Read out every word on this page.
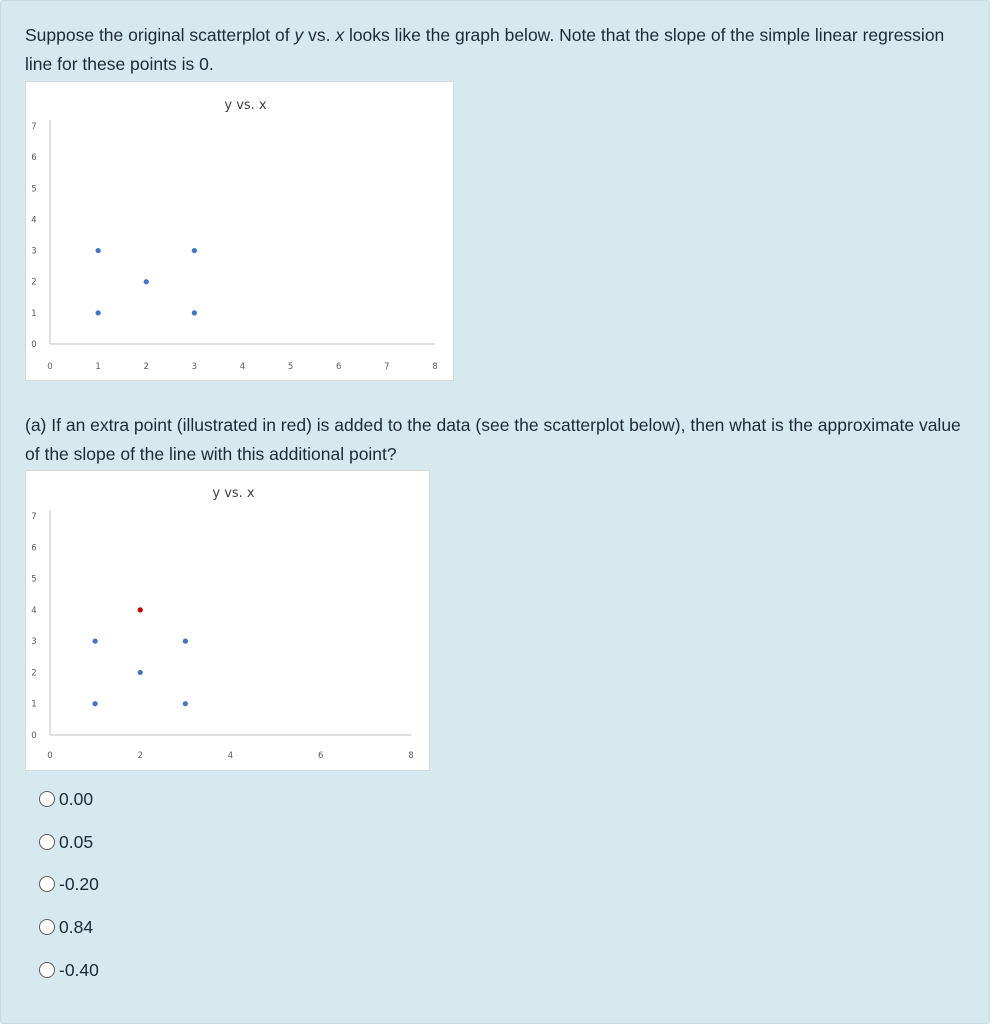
Suppose the original scatterplot of y vs. x looks like the graph below. Note that the slope of the simple linear regression line for these points is 0.

y vs. x
0
1
2
3
4
5
6
7
0	1	2	3	4	5	6	7	8

(a) If an extra point (illustrated in red) is added to the data (see the scatterplot below), then what is the approximate value of the slope of the line with this additional point?

y vs. x
0
1
2
3
4
5
6
7
0	2	4	6	8
0.00
0.05
-0.20
0.84
-0.40
